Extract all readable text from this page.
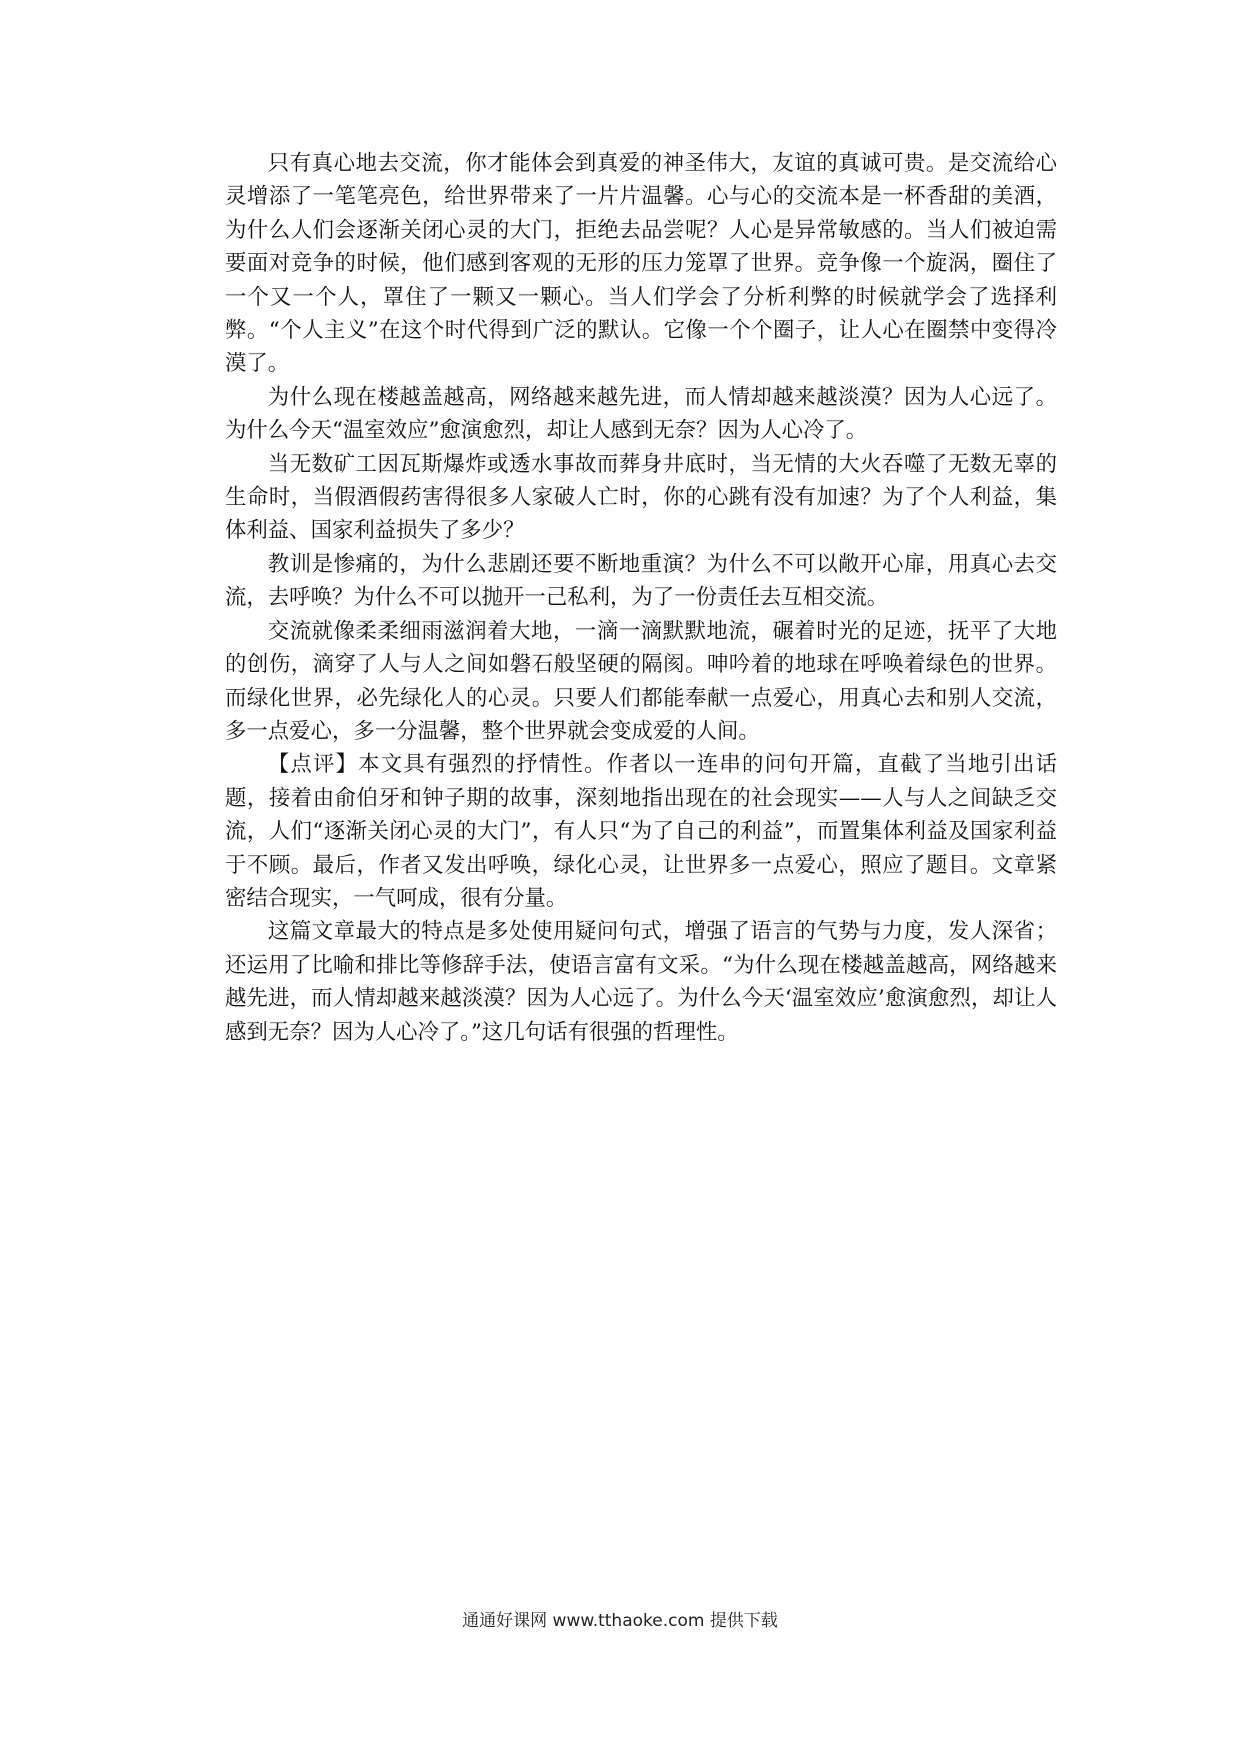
只有真心地去交流，你才能体会到真爱的神圣伟大，友谊的真诚可贵。是交流给心灵增添了一笔笔亮色，给世界带来了一片片温馨。心与心的交流本是一杯香甜的美酒，为什么人们会逐渐关闭心灵的大门，拒绝去品尝呢？人心是异常敏感的。当人们被迫需要面对竞争的时候，他们感到客观的无形的压力笼罩了世界。竞争像一个旋涡，圈住了一个又一个人，罩住了一颗又一颗心。当人们学会了分析利弊的时候就学会了选择利弊。“个人主义”在这个时代得到广泛的默认。它像一个个圈子，让人心在圈禁中变得冷漠了。

为什么现在楼越盖越高，网络越来越先进，而人情却越来越淡漠？因为人心远了。为什么今天“温室效应”愈演愈烈，却让人感到无奈？因为人心冷了。

当无数矿工因瓦斯爆炸或透水事故而葬身井底时，当无情的大火吞噬了无数无辜的生命时，当假酒假药害得很多人家破人亡时，你的心跳有没有加速？为了个人利益，集体利益、国家利益损失了多少？

教训是惨痛的，为什么悲剧还要不断地重演？为什么不可以敞开心扉，用真心去交流，去呼唤？为什么不可以抛开一己私利，为了一份责任去互相交流。

交流就像柔柔细雨滋润着大地，一滴一滴默默地流，碾着时光的足迹，抚平了大地的创伤，滴穿了人与人之间如磐石般坚硬的隔阂。呻吟着的地球在呼唤着绿色的世界。而绿化世界，必先绿化人的心灵。只要人们都能奉献一点爱心，用真心去和别人交流，多一点爱心，多一分温馨，整个世界就会变成爱的人间。

【点评】本文具有强烈的抒情性。作者以一连串的问句开篇，直截了当地引出话题，接着由俞伯牙和钟子期的故事，深刻地指出现在的社会现实——人与人之间缺乏交流，人们“逐渐关闭心灵的大门”，有人只“为了自己的利益”，而置集体利益及国家利益于不顾。最后，作者又发出呼唤，绿化心灵，让世界多一点爱心，照应了题目。文章紧密结合现实，一气呵成，很有分量。

这篇文章最大的特点是多处使用疑问句式，增强了语言的气势与力度，发人深省；还运用了比喻和排比等修辞手法，使语言富有文采。“为什么现在楼越盖越高，网络越来越先进，而人情却越来越淡漠？因为人心远了。为什么今天‘温室效应’愈演愈烈，却让人感到无奈？因为人心冷了。”这几句话有很强的哲理性。

通通好课网 www.tthaoke.com 提供下载
